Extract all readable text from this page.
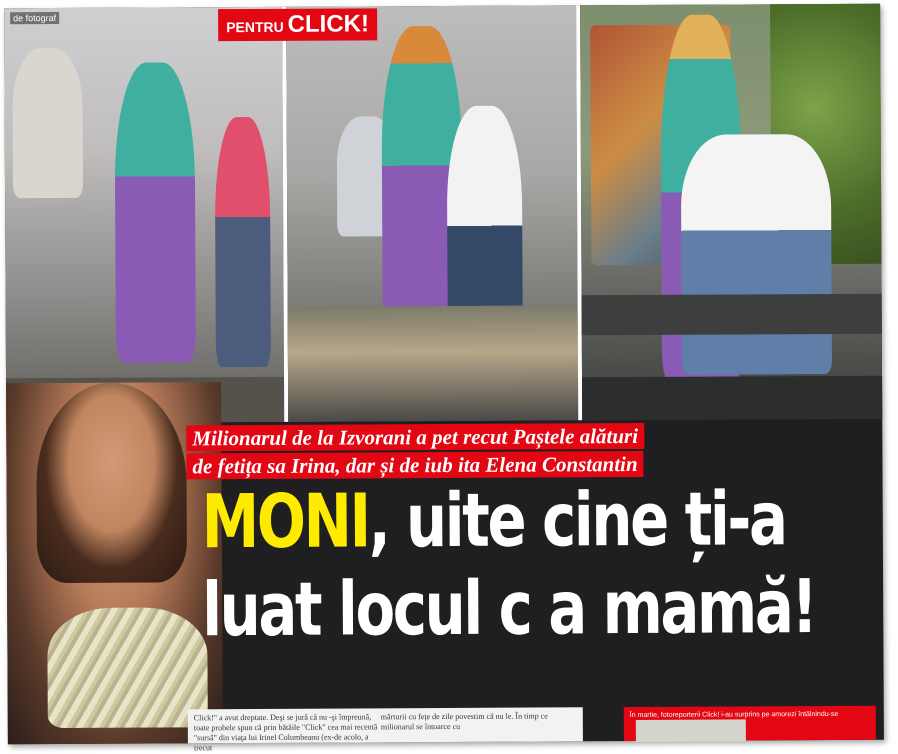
de fotograf
PENTRU CLICK!
Milionarul de la Izvorani a pet recut Paștele alături
de fetița sa Irina, dar și de iub ita Elena Constantin
MONI, uite cine ți-a
luat locul c a mamă!
Click!" a avut dreptate. Deşi se jură că nu -şi împreună, toate probele spun că prin bătăile "Click" cea mai recentă "sursă" din viaţa lui Irinel Columbeanu (ex-de acolo, a trecut mărturii cu fețe de zile povestim că nu le. În timp ce milionarul se întoarce cu
În martie, fotoreporterii Click! i-au surprins pe amorezi întâlnindu-se
